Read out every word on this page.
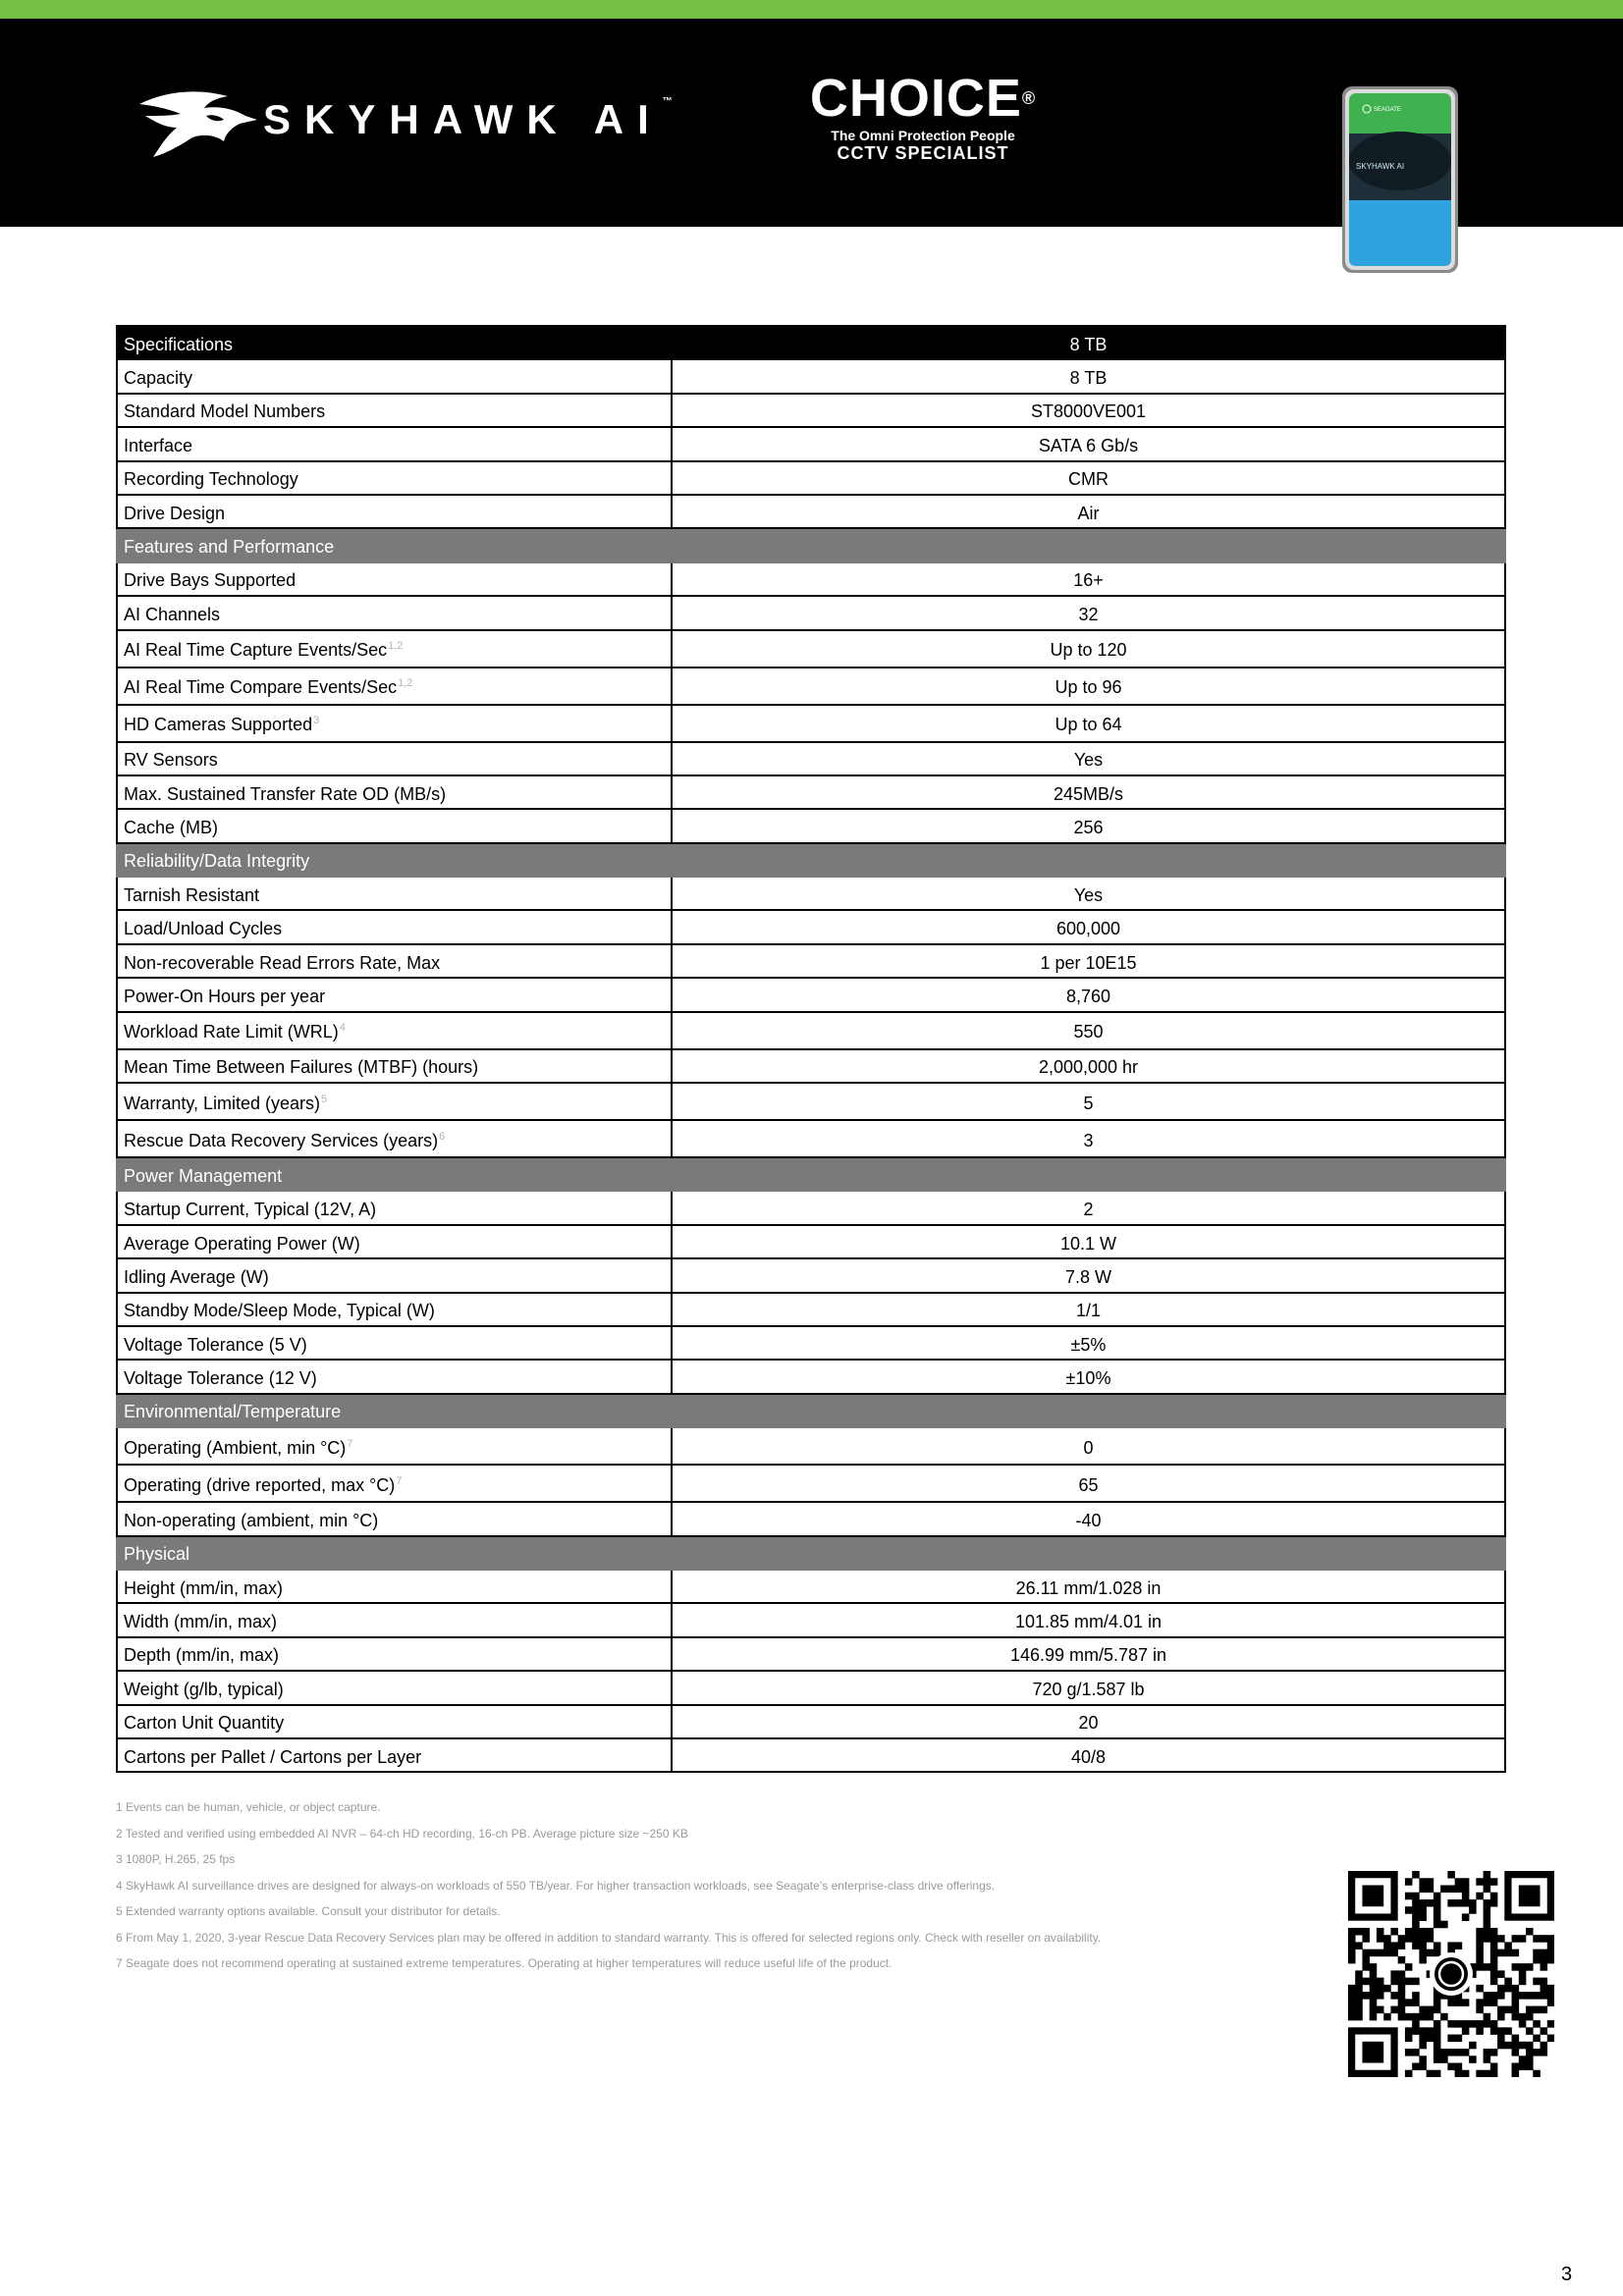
SKYHAWK AI™	CHOICE®
The Omni Protection People
CCTV SPECIALIST
SEAGATE
SKYHAWK AI
Specifications	8 TB
Capacity	8 TB
Standard Model Numbers	ST8000VE001
Interface	SATA 6 Gb/s
Recording Technology	CMR
Drive Design	Air
Features and Performance	
Drive Bays Supported	16+
AI Channels	32
AI Real Time Capture Events/Sec$^{1,2}$	Up to 120
AI Real Time Compare Events/Sec$^{1,2}$	Up to 96
HD Cameras Supported$^3$	Up to 64
RV Sensors	Yes
Max. Sustained Transfer Rate OD (MB/s)	245MB/s
Cache (MB)	256
Reliability/Data Integrity	
Tarnish Resistant	Yes
Load/Unload Cycles	600,000
Non-recoverable Read Errors Rate, Max	1 per 10E15
Power-On Hours per year	8,760
Workload Rate Limit (WRL)$^4$	550
Mean Time Between Failures (MTBF) (hours)	2,000,000 hr
Warranty, Limited (years)$^5$	5
Rescue Data Recovery Services (years)$^6$	3
Power Management	
Startup Current, Typical (12V, A)	2
Average Operating Power (W)	10.1 W
Idling Average (W)	7.8 W
Standby Mode/Sleep Mode, Typical (W)	1/1
Voltage Tolerance (5 V)	±5%
Voltage Tolerance (12 V)	±10%
Environmental/Temperature	
Operating (Ambient, min °C)$^7$	0
Operating (drive reported, max °C)$^7$	65
Non-operating (ambient, min °C)	-40
Physical	
Height (mm/in, max)	26.11 mm/1.028 in
Width (mm/in, max)	101.85 mm/4.01 in
Depth (mm/in, max)	146.99 mm/5.787 in
Weight (g/lb, typical)	720 g/1.587 lb
Carton Unit Quantity	20
Cartons per Pallet / Cartons per Layer	40/8
1 Events can be human, vehicle, or object capture.
2 Tested and verified using embedded AI NVR – 64-ch HD recording, 16-ch PB. Average picture size ~250 KB
3 1080P, H.265, 25 fps
4 SkyHawk AI surveillance drives are designed for always-on workloads of 550 TB/year. For higher transaction workloads, see Seagate’s enterprise-class drive offerings.
5 Extended warranty options available. Consult your distributor for details.
6 From May 1, 2020, 3-year Rescue Data Recovery Services plan may be offered in addition to standard warranty. This is offered for selected regions only. Check with reseller on availability.
7 Seagate does not recommend operating at sustained extreme temperatures. Operating at higher temperatures will reduce useful life of the product.
3
